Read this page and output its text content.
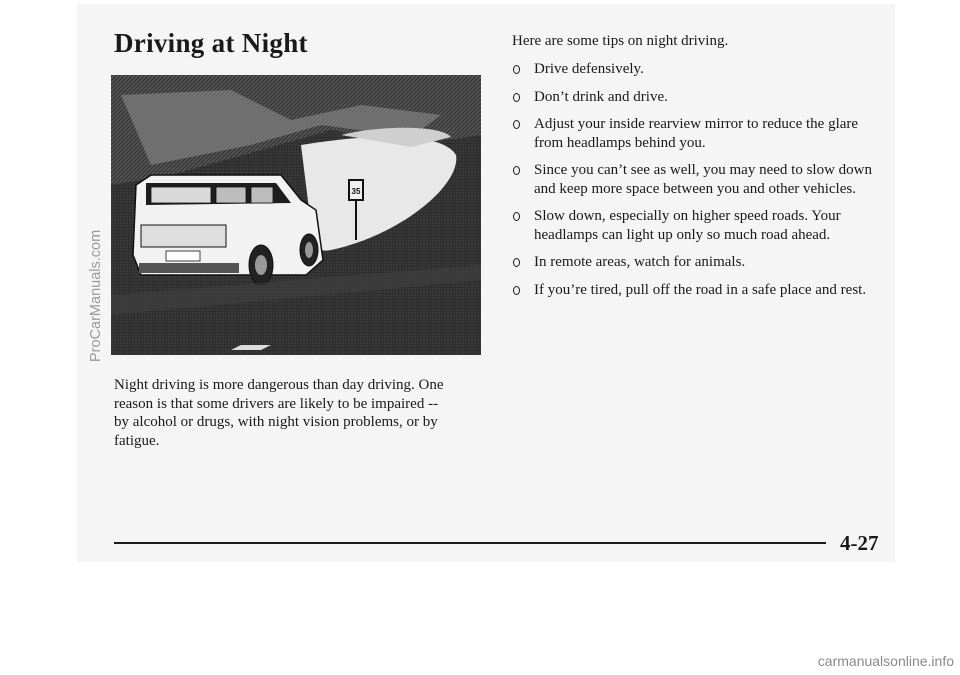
Driving at Night
35

Night driving is more dangerous than day driving. One reason is that some drivers are likely to be impaired -- by alcohol or drugs, with night vision problems, or by fatigue.

Here are some tips on night driving.

Drive defensively.
Don’t drink and drive.
Adjust your inside rearview mirror to reduce the glare from headlamps behind you.
Since you can’t see as well, you may need to slow down and keep more space between you and other vehicles.
Slow down, especially on higher speed roads. Your headlamps can light up only so much road ahead.
In remote areas, watch for animals.
If you’re tired, pull off the road in a safe place and rest.

4-27

ProCarManuals.com
carmanualsonline.info
